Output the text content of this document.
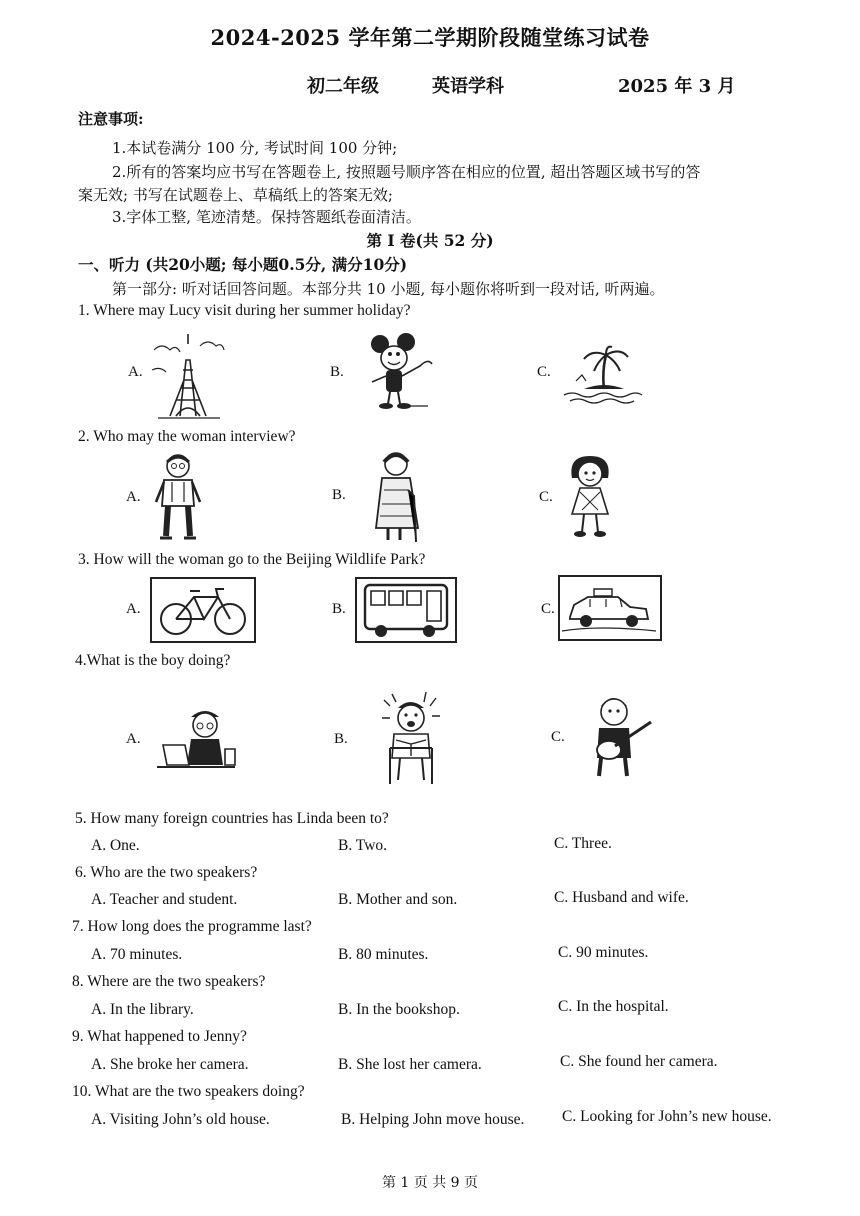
2024-2025 学年第二学期阶段随堂练习试卷
初二年级	英语学科	2025 年 3 月
注意事项:
1.本试卷满分 100 分, 考试时间 100 分钟;
2.所有的答案均应书写在答题卷上, 按照题号顺序答在相应的位置, 超出答题区域书写的答
案无效; 书写在试题卷上、草稿纸上的答案无效;
3.字体工整, 笔迹清楚。保持答题纸卷面清洁。
第 I 卷(共 52 分)
一、听力 (共20小题; 每小题0.5分, 满分10分)
第一部分: 听对话回答问题。本部分共 10 小题, 每小题你将听到一段对话, 听两遍。
1. Where may Lucy visit during her summer holiday?
A.	B.	C.
2. Who may the woman interview?
A.	B.	C.
3. How will the woman go to the Beijing Wildlife Park?
A.	B.	C.
4.What is the boy doing?
A.	B.	C.
5. How many foreign countries has Linda been to?
A. One.	B. Two.	C. Three.
6. Who are the two speakers?
A. Teacher and student.	B. Mother and son.	C. Husband and wife.
7. How long does the programme last?
A. 70 minutes.	B. 80 minutes.	C. 90 minutes.
8. Where are the two speakers?
A. In the library.	B. In the bookshop.	C. In the hospital.
9. What happened to Jenny?
A. She broke her camera.	B. She lost her camera.	C. She found her camera.
10. What are the two speakers doing?
A. Visiting John’s old house.	B. Helping John move house. C. Looking for John’s new house.
第 1 页 共 9 页
